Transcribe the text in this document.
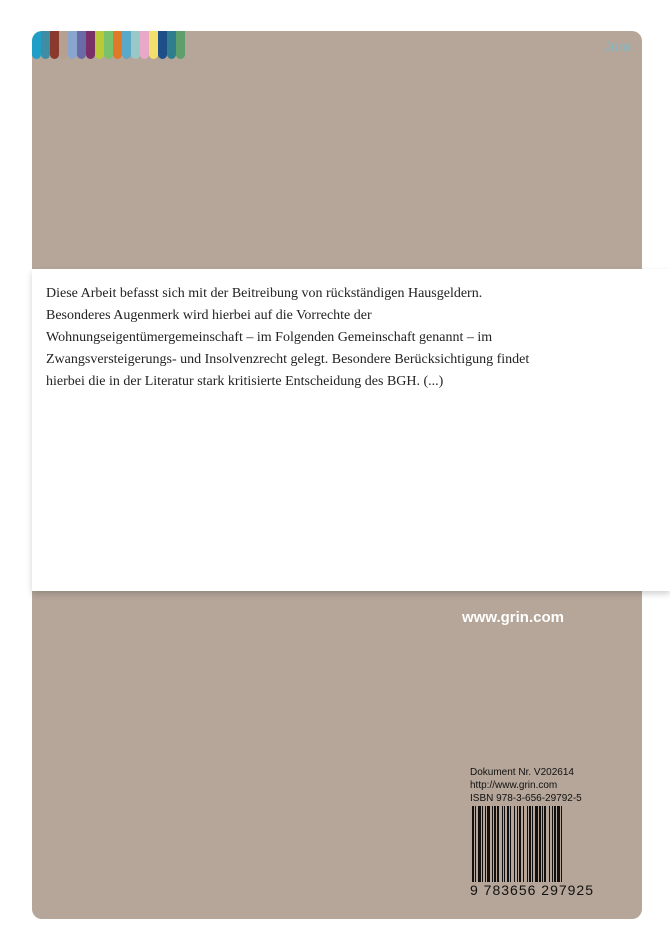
Jura
Diese Arbeit befasst sich mit der Beitreibung von rückständigen Hausgeldern. Besonderes Augenmerk wird hierbei auf die Vorrechte der Wohnungseigentümergemeinschaft – im Folgenden Gemeinschaft genannt – im Zwangsversteigerungs- und Insolvenzrecht gelegt. Besondere Berücksichtigung findet hierbei die in der Literatur stark kritisierte Entscheidung des BGH. (...)
www.grin.com
Dokument Nr. V202614
http://www.grin.com
ISBN 978-3-656-29792-5
9 783656 297925
